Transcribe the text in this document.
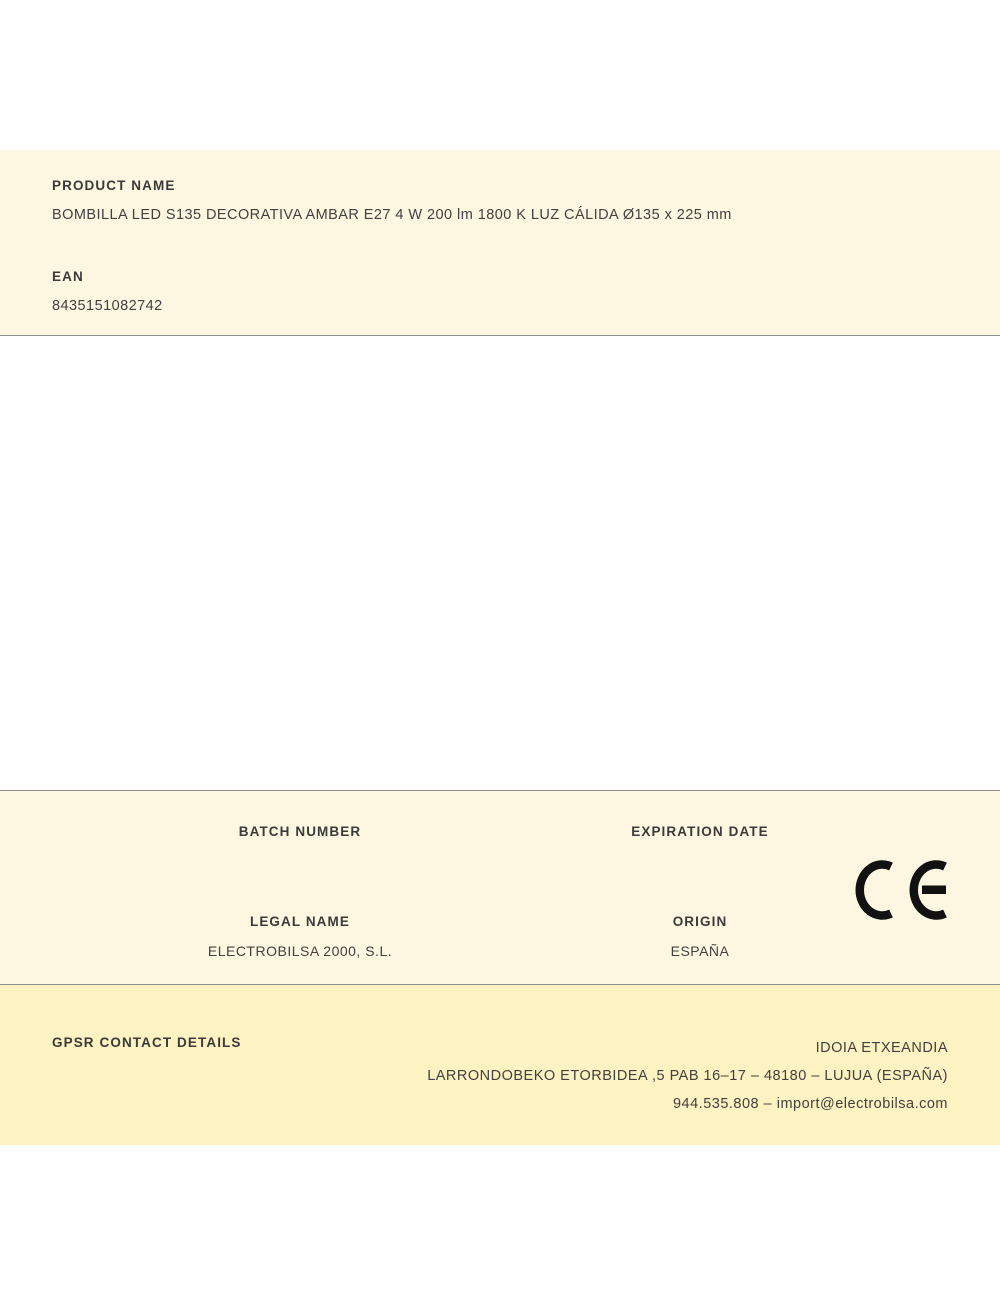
PRODUCT NAME
BOMBILLA LED S135 DECORATIVA AMBAR E27 4 W 200 lm 1800 K LUZ CÁLIDA Ø135 x 225 mm
EAN
8435151082742
BATCH NUMBER	EXPIRATION DATE
LEGAL NAME
ELECTROBILSA 2000, S.L.
ORIGIN
ESPAÑA
GPSR CONTACT DETAILS	IDOIA ETXEANDIA
LARRONDOBEKO ETORBIDEA ,5 PAB 16–17 – 48180 – LUJUA (ESPAÑA)
944.535.808 – import@electrobilsa.com
